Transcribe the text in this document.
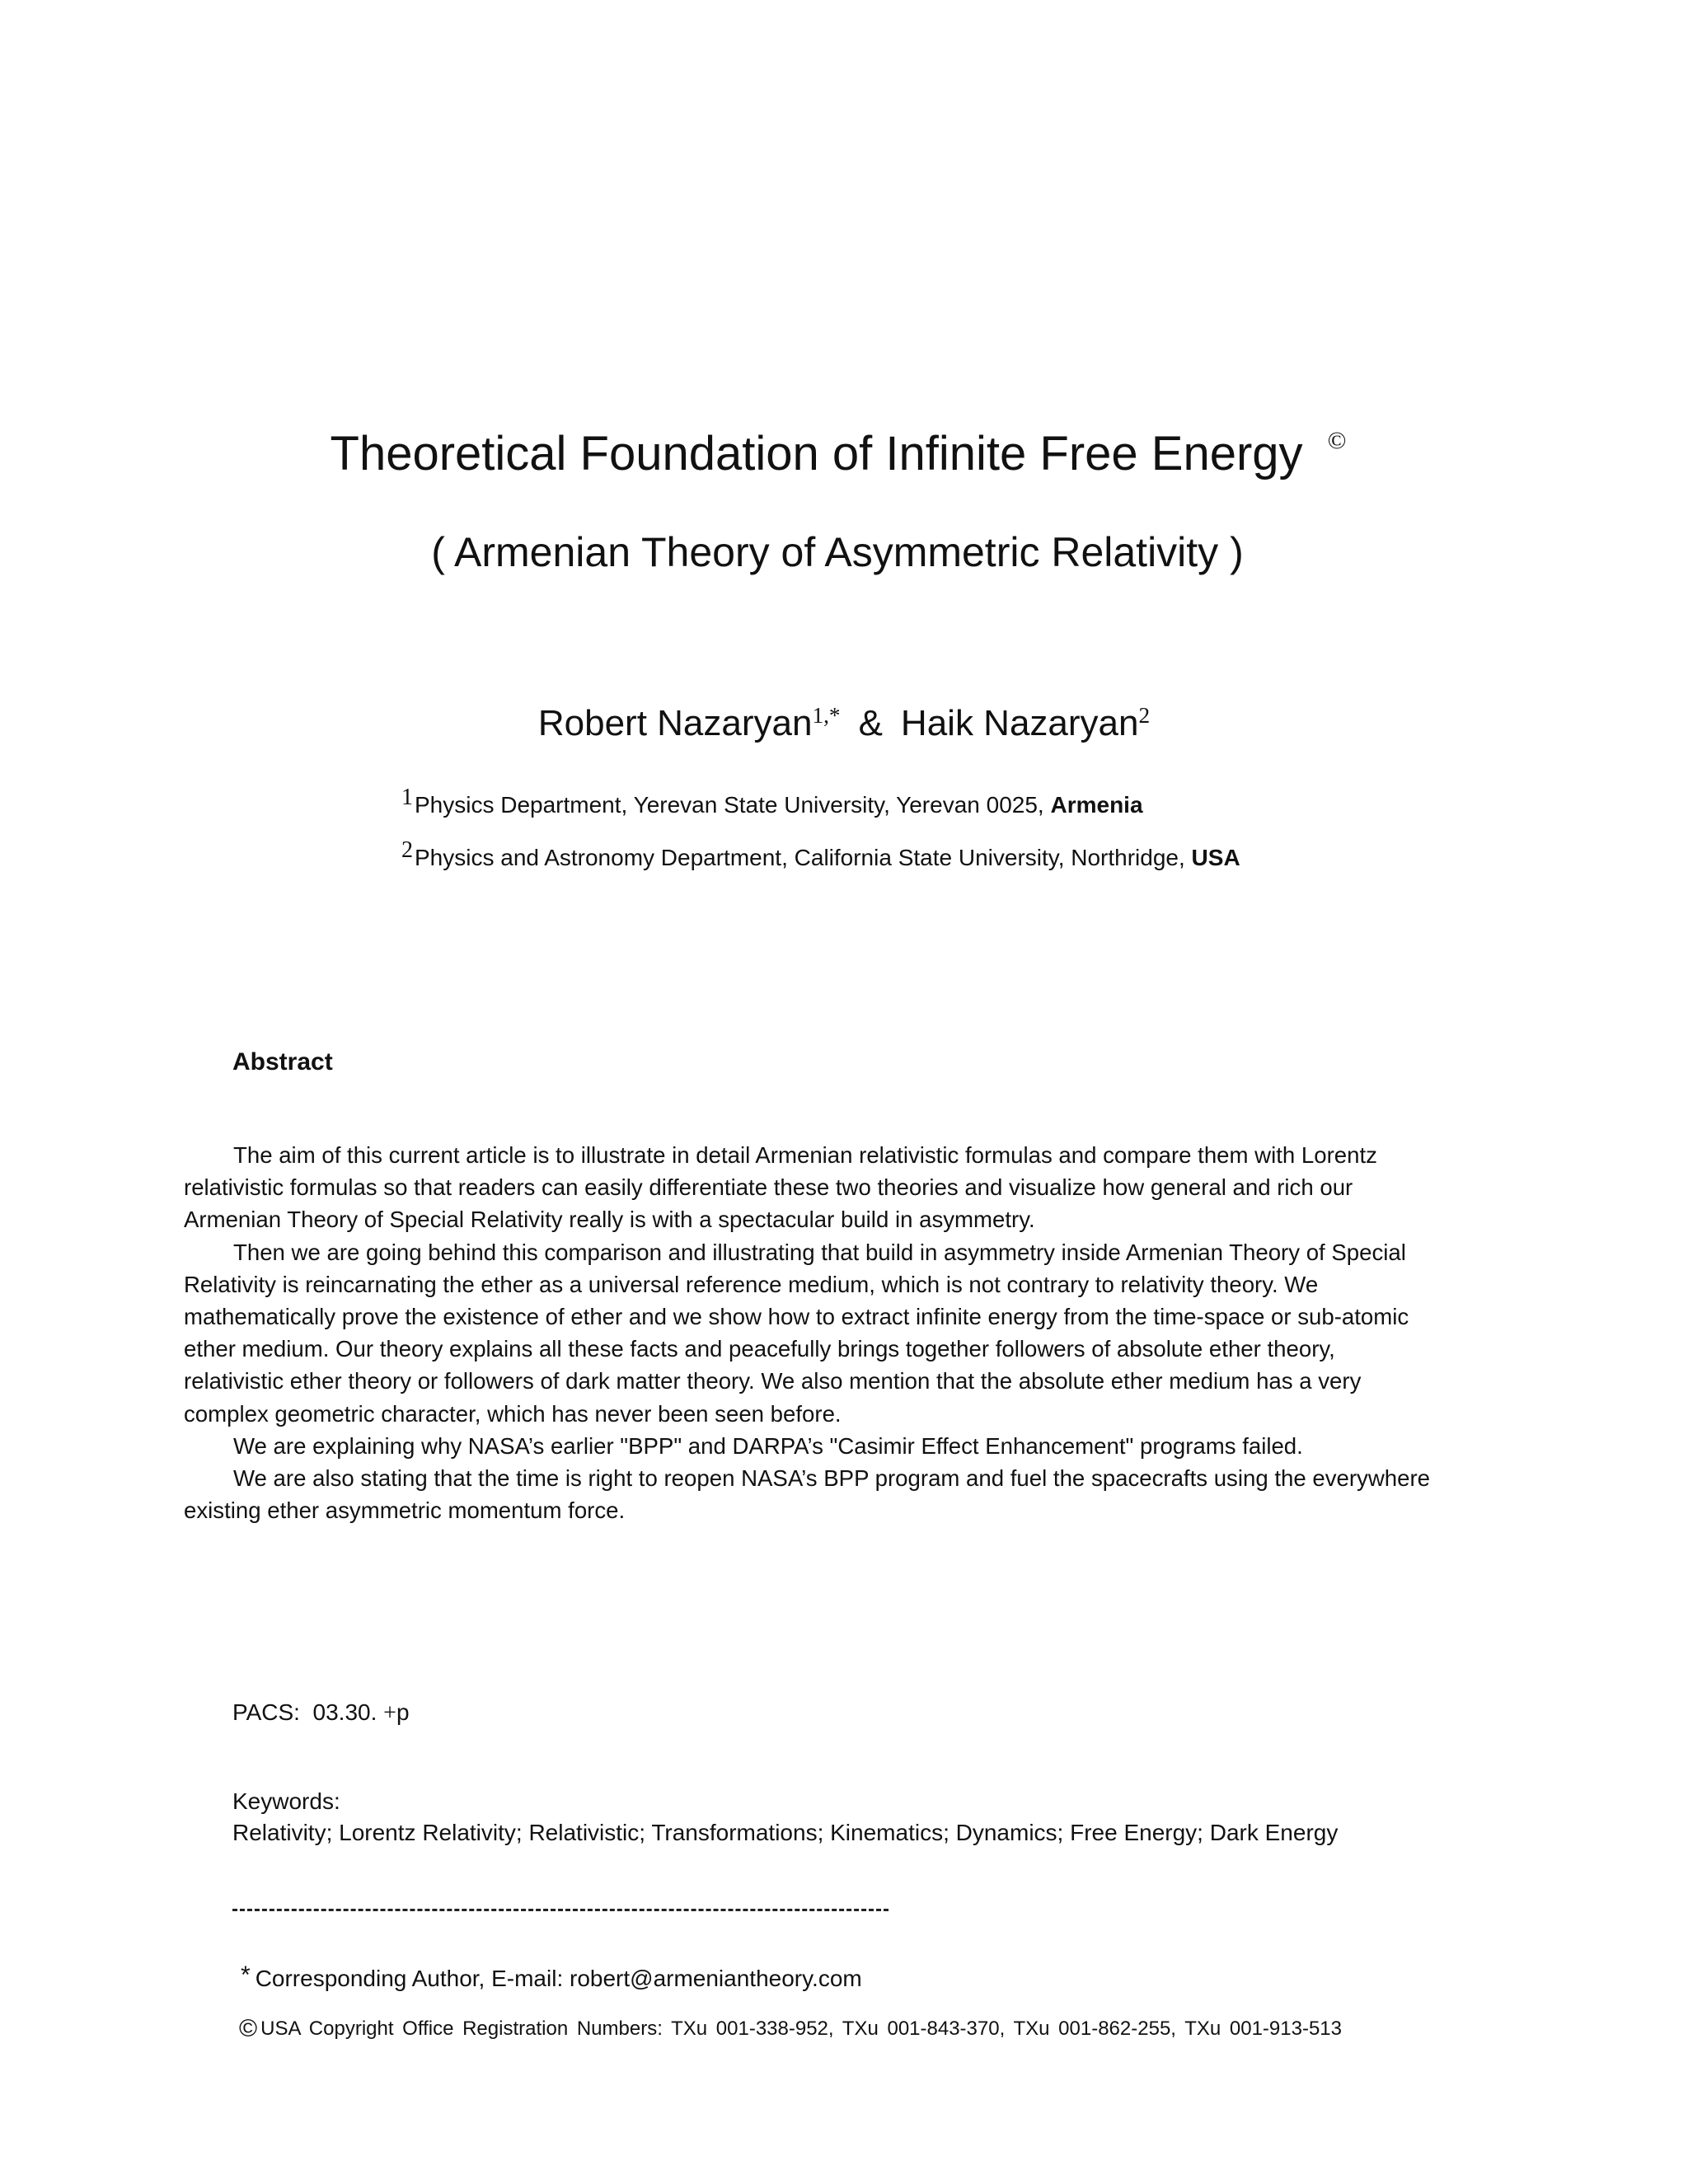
Theoretical Foundation of Infinite Free Energy ©
( Armenian Theory of Asymmetric Relativity )
Robert Nazaryan$^{1,*}$ & Haik Nazaryan$^2$
$^1$Physics Department, Yerevan State University, Yerevan 0025, Armenia
$^2$Physics and Astronomy Department, California State University, Northridge, USA
Abstract

The aim of this current article is to illustrate in detail Armenian relativistic formulas and compare them with Lorentz
relativistic formulas so that readers can easily differentiate these two theories and visualize how general and rich our
Armenian Theory of Special Relativity really is with a spectacular build in asymmetry.

Then we are going behind this comparison and illustrating that build in asymmetry inside Armenian Theory of Special
Relativity is reincarnating the ether as a universal reference medium, which is not contrary to relativity theory. We
mathematically prove the existence of ether and we show how to extract infinite energy from the time-space or sub-atomic
ether medium. Our theory explains all these facts and peacefully brings together followers of absolute ether theory,
relativistic ether theory or followers of dark matter theory. We also mention that the absolute ether medium has a very
complex geometric character, which has never been seen before.

We are explaining why NASA’s earlier "BPP" and DARPA’s "Casimir Effect Enhancement" programs failed.

We are also stating that the time is right to reopen NASA’s BPP program and fuel the spacecrafts using the everywhere
existing ether asymmetric momentum force.

PACS: 03.30. +p
Keywords:
Relativity; Lorentz Relativity; Relativistic; Transformations; Kinematics; Dynamics; Free Energy; Dark Energy
* Corresponding Author, E-mail: robert@armeniantheory.com
© USA Copyright Office Registration Numbers: TXu 001-338-952, TXu 001-843-370, TXu 001-862-255, TXu 001-913-513
